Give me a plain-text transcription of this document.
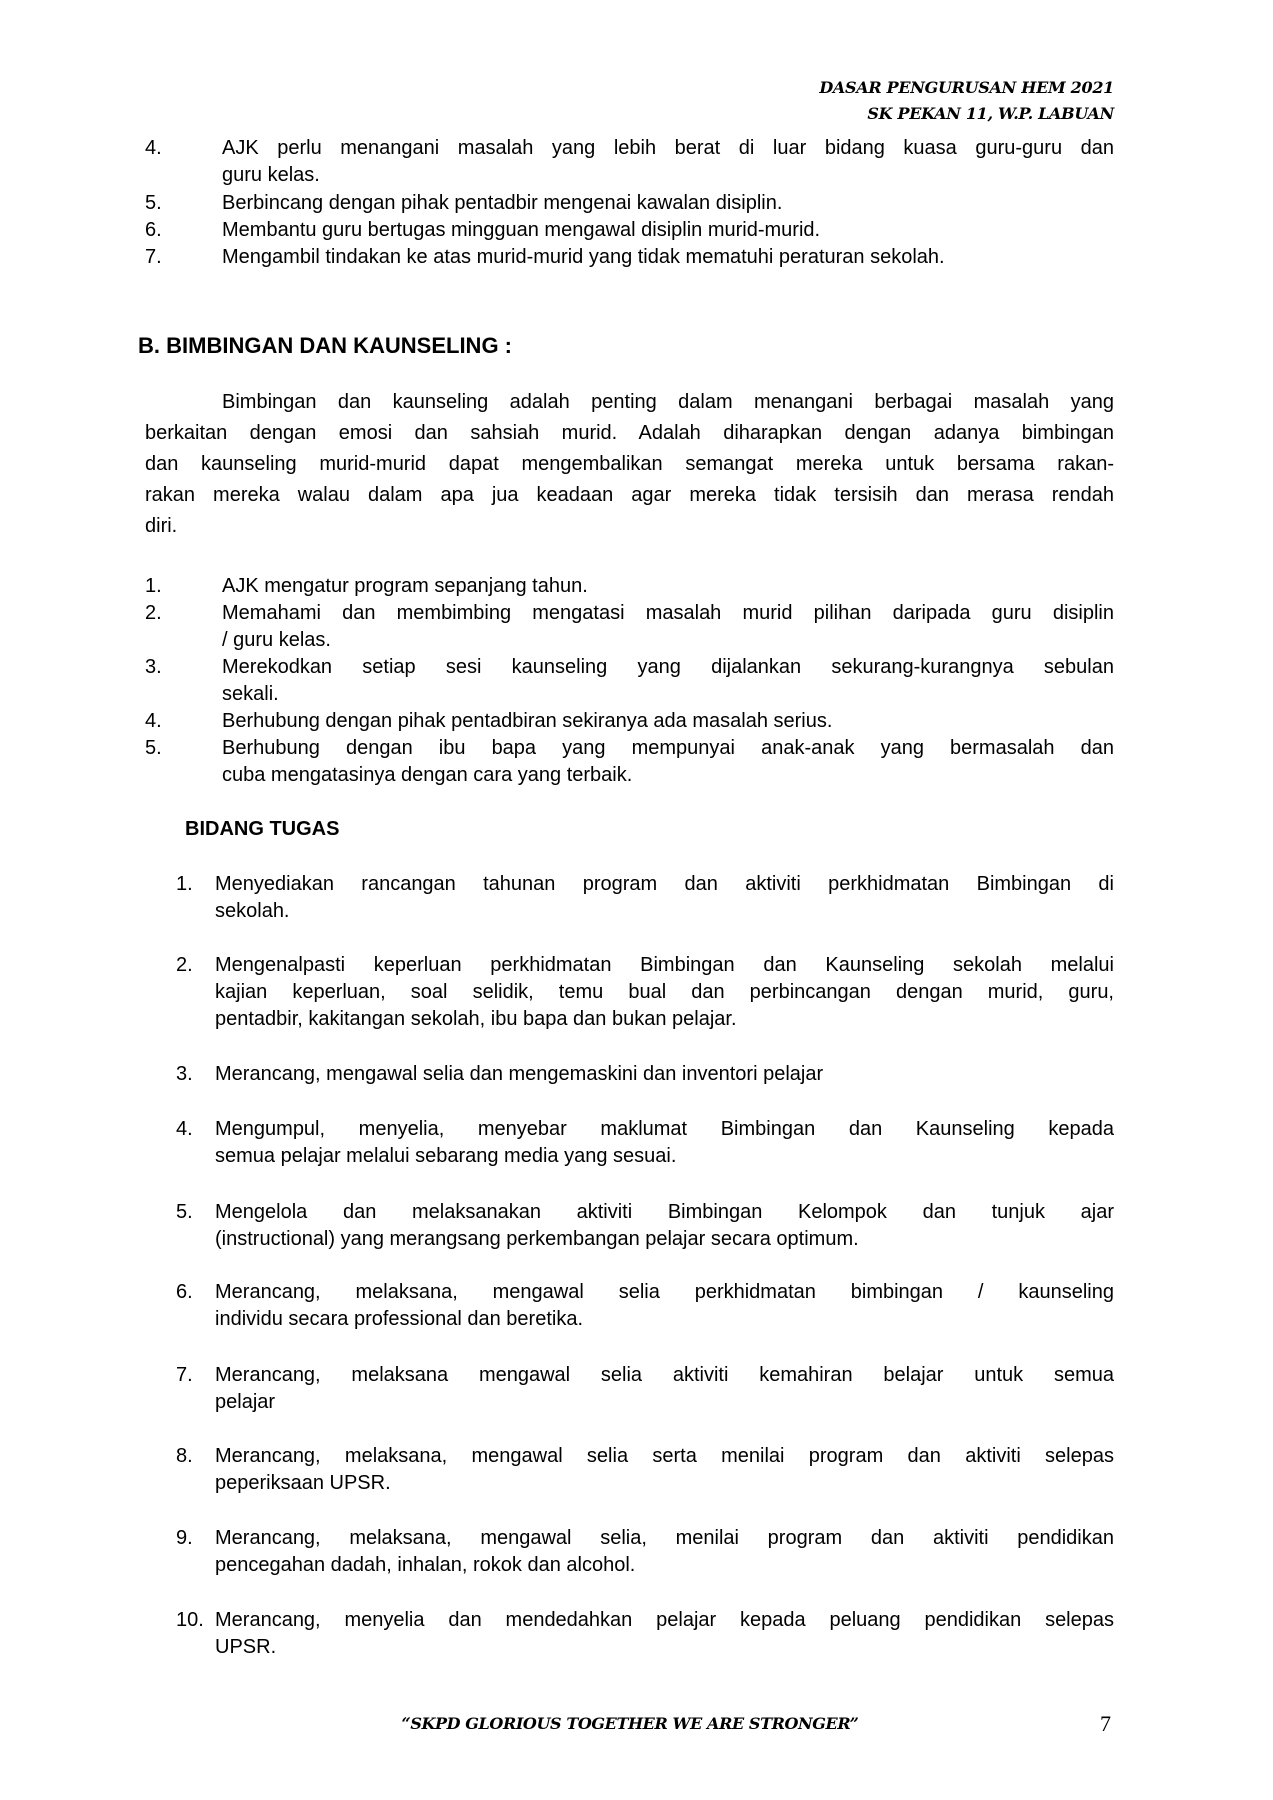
DASAR PENGURUSAN HEM 2021
SK PEKAN 11, W.P. LABUAN
4.	AJK perlu menangani masalah yang lebih berat di luar bidang kuasa guru-guru dan
guru kelas.
5.	Berbincang dengan pihak pentadbir mengenai kawalan disiplin.
6.	Membantu guru bertugas mingguan mengawal disiplin murid-murid.
7.	Mengambil tindakan ke atas murid-murid yang tidak mematuhi peraturan sekolah.
B. BIMBINGAN DAN KAUNSELING :
Bimbingan dan kaunseling adalah penting dalam menangani berbagai masalah yang
berkaitan dengan emosi dan sahsiah murid. Adalah diharapkan dengan adanya bimbingan
dan kaunseling murid-murid dapat mengembalikan semangat mereka untuk bersama rakan-
rakan mereka walau dalam apa jua keadaan agar mereka tidak tersisih dan merasa rendah
diri.
1.	AJK mengatur program sepanjang tahun.
2.	Memahami dan membimbing mengatasi masalah murid pilihan daripada guru disiplin
/ guru kelas.
3.	Merekodkan setiap sesi kaunseling yang dijalankan sekurang-kurangnya sebulan
sekali.
4.	Berhubung dengan pihak pentadbiran sekiranya ada masalah serius.
5.	Berhubung dengan ibu bapa yang mempunyai anak-anak yang bermasalah dan
cuba mengatasinya dengan cara yang terbaik.
BIDANG TUGAS
1. Menyediakan rancangan tahunan program dan aktiviti perkhidmatan Bimbingan di
sekolah.
2. Mengenalpasti keperluan perkhidmatan Bimbingan dan Kaunseling sekolah melalui
kajian keperluan, soal selidik, temu bual dan perbincangan dengan murid, guru,
pentadbir, kakitangan sekolah, ibu bapa dan bukan pelajar.
3. Merancang, mengawal selia dan mengemaskini dan inventori pelajar
4. Mengumpul, menyelia, menyebar maklumat Bimbingan dan Kaunseling kepada
semua pelajar melalui sebarang media yang sesuai.
5. Mengelola dan melaksanakan aktiviti Bimbingan Kelompok dan tunjuk ajar
(instructional) yang merangsang perkembangan pelajar secara optimum.
6. Merancang, melaksana, mengawal selia perkhidmatan bimbingan / kaunseling
individu secara professional dan beretika.
7. Merancang, melaksana mengawal selia aktiviti kemahiran belajar untuk semua
pelajar
8. Merancang, melaksana, mengawal selia serta menilai program dan aktiviti selepas
peperiksaan UPSR.
9. Merancang, melaksana, mengawal selia, menilai program dan aktiviti pendidikan
pencegahan dadah, inhalan, rokok dan alcohol.
10. Merancang, menyelia dan mendedahkan pelajar kepada peluang pendidikan selepas
UPSR.
“SKPD GLORIOUS TOGETHER WE ARE STRONGER”	7
